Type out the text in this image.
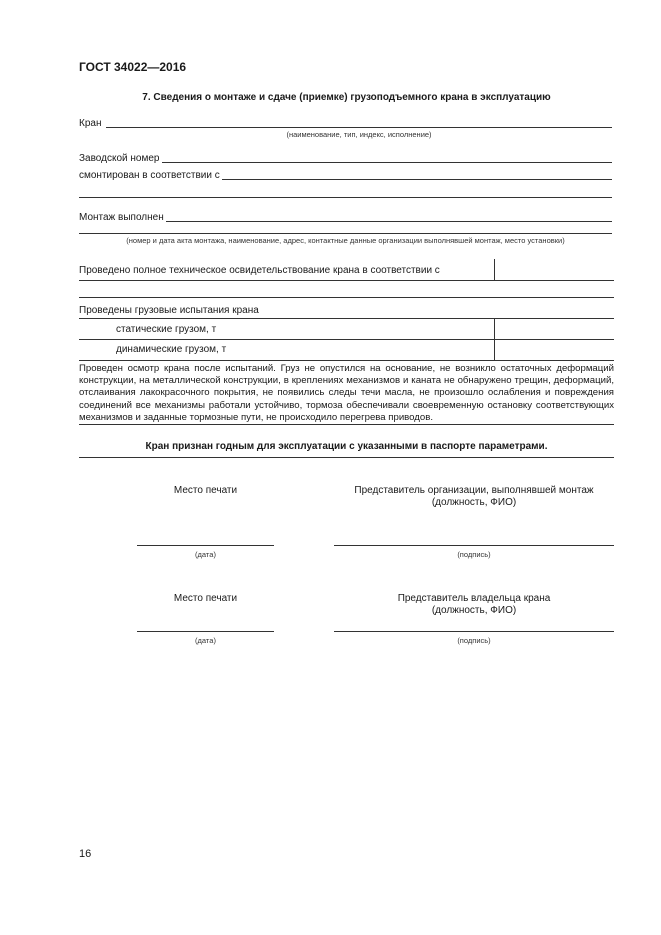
ГОСТ 34022—2016
7. Сведения о монтаже и сдаче (приемке) грузоподъемного крана в эксплуатацию
Кран
(наименование, тип, индекс, исполнение)
Заводской номер
смонтирован в соответствии с
Монтаж выполнен
(номер и дата акта монтажа, наименование, адрес, контактные данные организации выполнявшей монтаж, место установки)
Проведено полное техническое освидетельствование крана в соответствии с
Проведены грузовые испытания крана
статические грузом, т
динамические грузом, т
Проведен осмотр крана после испытаний. Груз не опустился на основание, не возникло остаточных деформаций конструкции, на металлической конструкции, в креплениях механизмов и каната не обнаружено трещин, деформаций, отслаивания лакокрасочного покрытия, не появились следы течи масла, не произошло ослабления и повреждения соединений все механизмы работали устойчиво, тормоза обеспечивали своевременную остановку соответствующих механизмов и заданные тормозные пути, не происходило перегрева приводов.
Кран признан годным для эксплуатации с указанными в паспорте параметрами.
Место печати	Представитель организации, выполнявшей монтаж
(должность, ФИО)
(дата)	(подпись)
Место печати	Представитель владельца крана
(должность, ФИО)
(дата)	(подпись)
16
